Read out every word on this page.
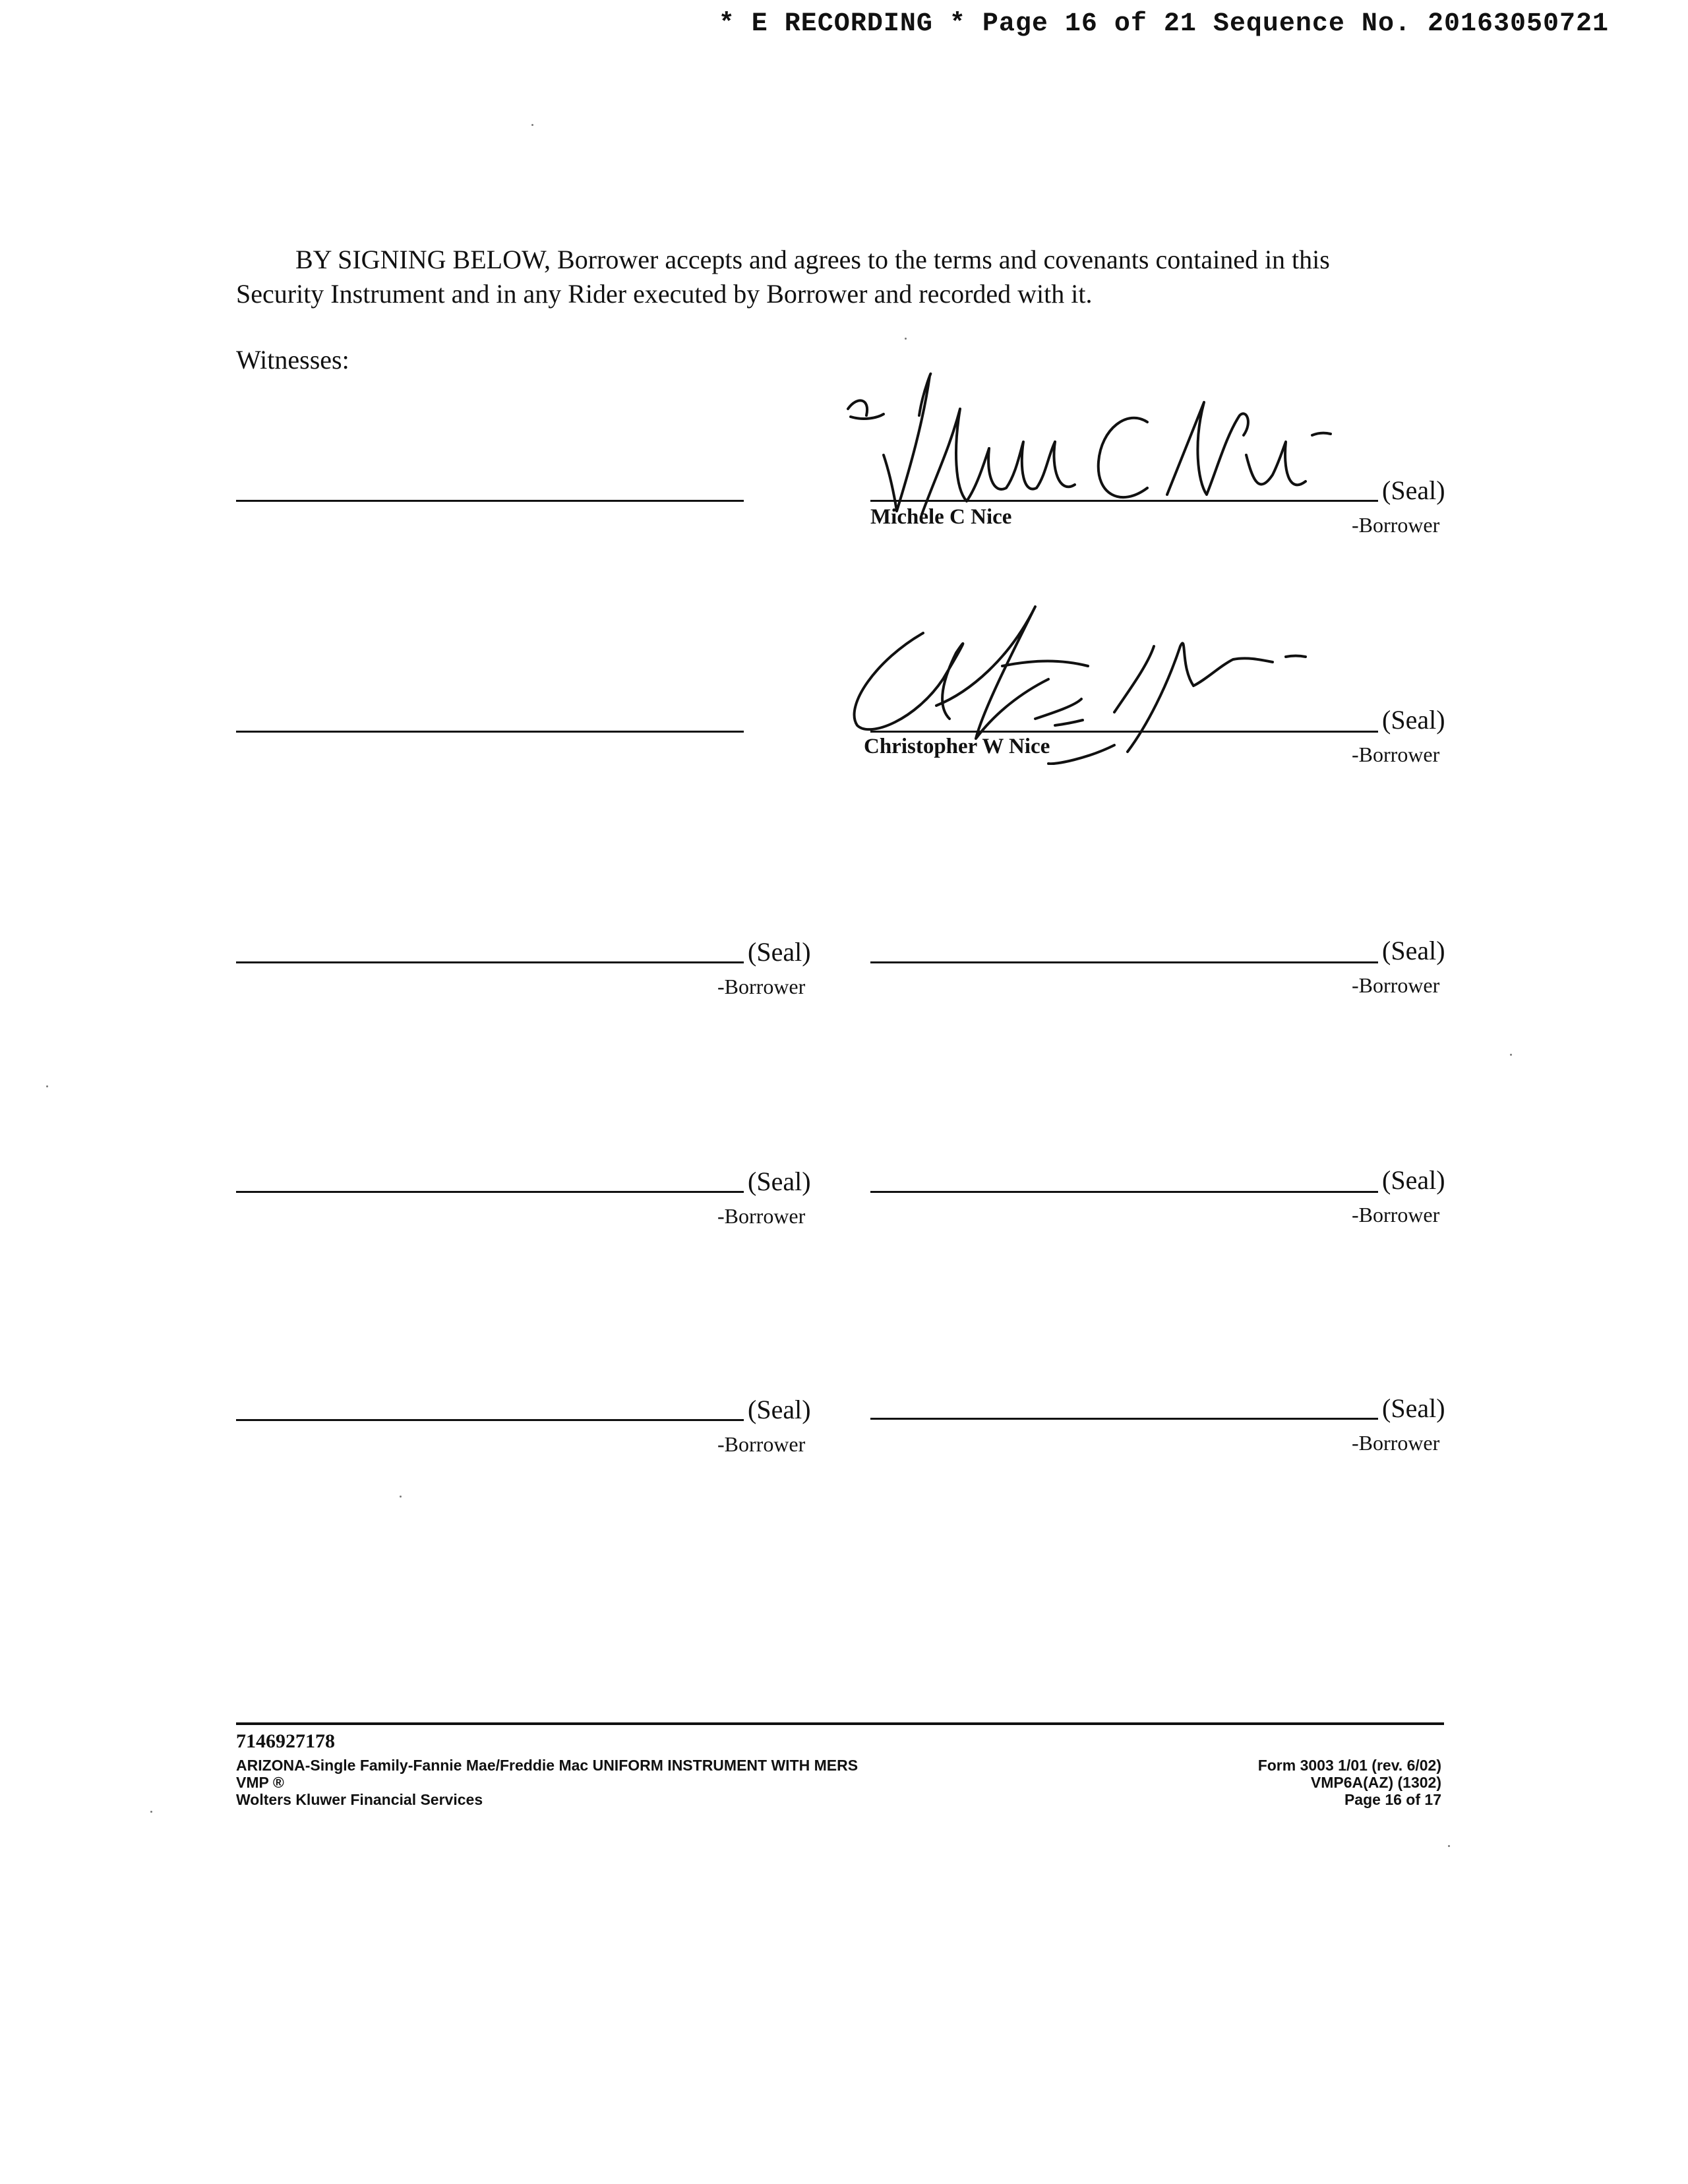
* E RECORDING * Page 16 of 21 Sequence No. 20163050721
BY SIGNING BELOW, Borrower accepts and agrees to the terms and covenants contained in this
Security Instrument and in any Rider executed by Borrower and recorded with it.
Witnesses:
(Seal)
Michele C Nice	-Borrower
(Seal)
Christopher W Nice	-Borrower
(Seal)
-Borrower
(Seal)
-Borrower
(Seal)
-Borrower
(Seal)
-Borrower
(Seal)
-Borrower
(Seal)
-Borrower
7146927178
ARIZONA-Single Family-Fannie Mae/Freddie Mac UNIFORM INSTRUMENT WITH MERS
VMP ®
Wolters Kluwer Financial Services
Form 3003 1/01 (rev. 6/02)
VMP6A(AZ) (1302)
Page 16 of 17
